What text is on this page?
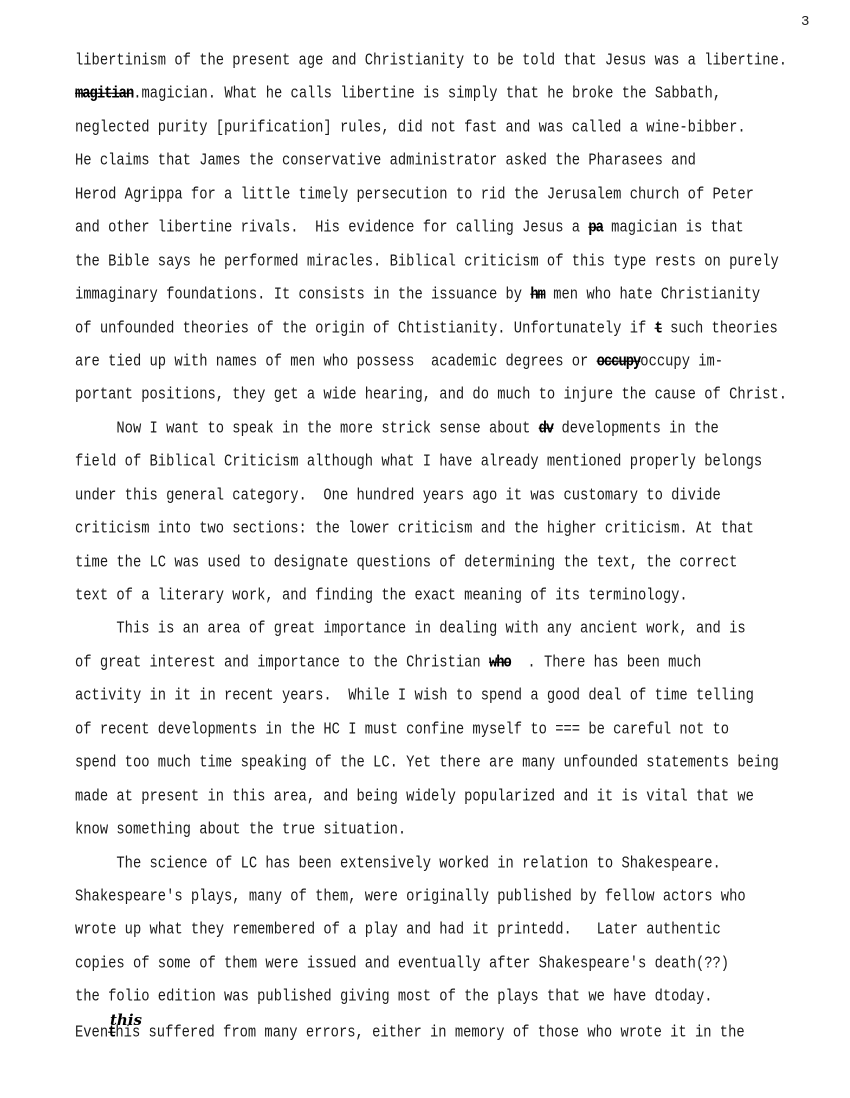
3
libertinism of the present age and Christianity to be told that Jesus was a libertine.
magitian.magician. What he calls libertine is simply that he broke the Sabbath,
neglected purity [purification] rules, did not fast and was called a wine-bibber.
He claims that James the conservative administrator asked the Pharasees and
Herod Agrippa for a little timely persecution to rid the Jerusalem church of Peter
and other libertine rivals.  His evidence for calling Jesus a pa magician is that
the Bible says he performed miracles. Biblical criticism of this type rests on purely
immaginary foundations. It consists in the issuance by hm men who hate Christianity
of unfounded theories of the origin of Chtistianity. Unfortunately if t such theories
are tied up with names of men who possess  academic degrees or occupyoccupy im-
portant positions, they get a wide hearing, and do much to injure the cause of Christ.
Now I want to speak in the more strick sense about dv developments in the
field of Biblical Criticism although what I have already mentioned properly belongs
under this general category.  One hundred years ago it was customary to divide
criticism into two sections: the lower criticism and the higher criticism. At that
time the LC was used to designate questions of determining the text, the correct
text of a literary work, and finding the exact meaning of its terminology.
This is an area of great importance in dealing with any ancient work, and is
of great interest and importance to the Christian who  . There has been much
activity in it in recent years.  While I wish to spend a good deal of time telling
of recent developments in the HC I must confine myself to === be careful not to
spend too much time speaking of the LC. Yet there are many unfounded statements being
made at present in this area, and being widely popularized and it is vital that we
know something about the true situation.
The science of LC has been extensively worked in relation to Shakespeare.
Shakespeare's plays, many of them, were originally published by fellow actors who
wrote up what they remembered of a play and had it printedd.   Later authentic
copies of some of them were issued and eventually after Shakespeare's death(??)
the folio edition was published giving most of the plays that we have dtoday.
Eventhis suffered from many errors, either in memory of those who wrote it in the
this
